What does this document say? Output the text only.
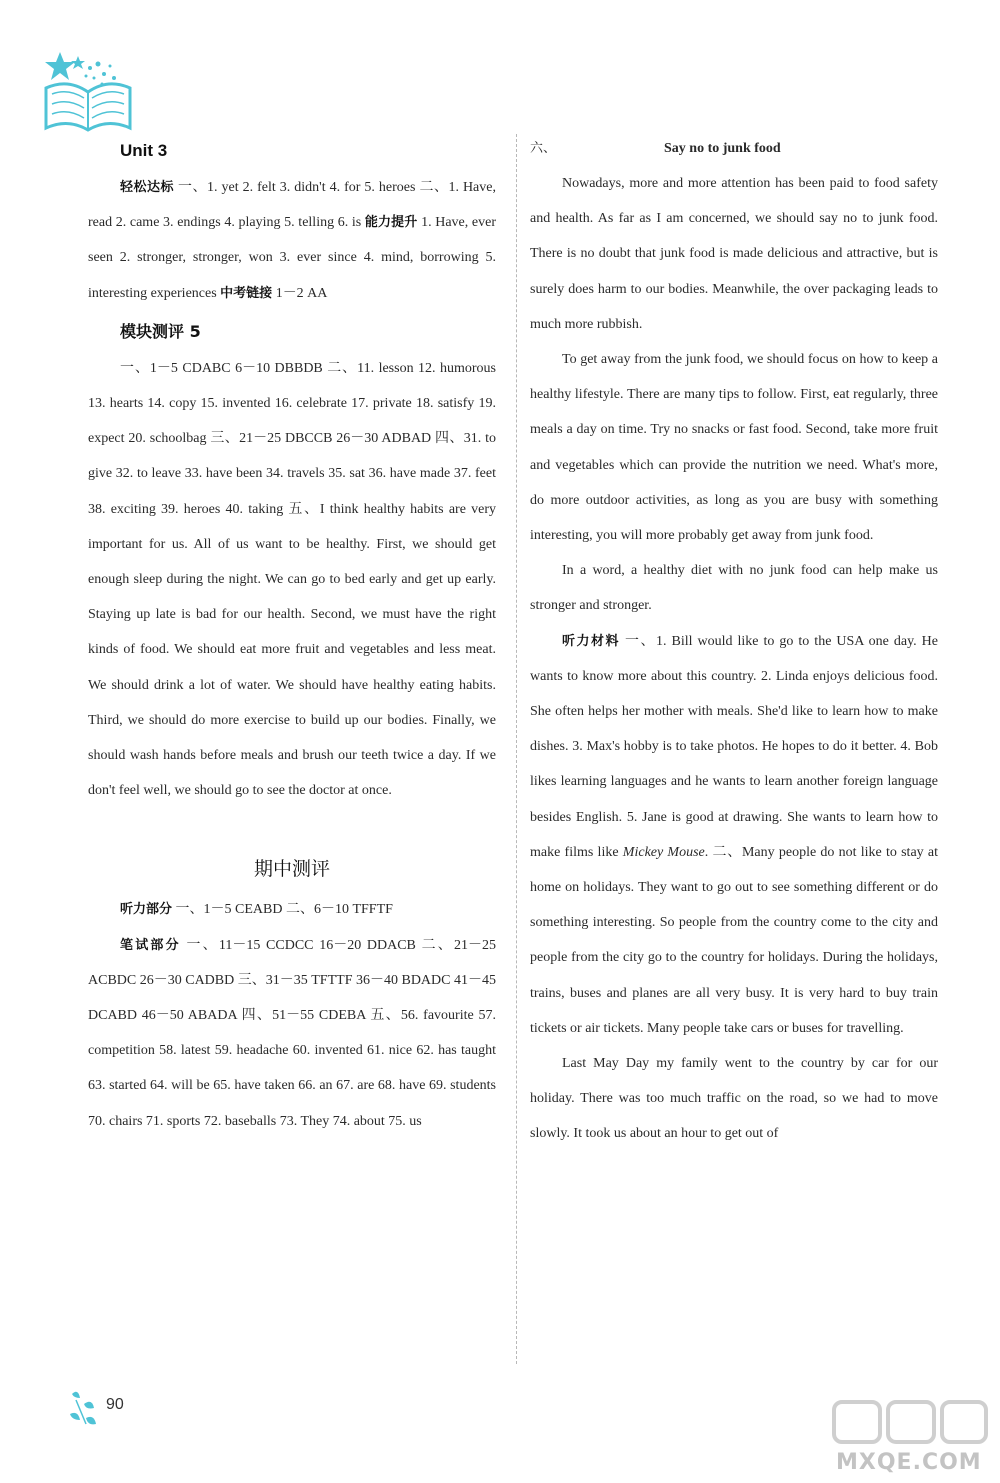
Unit 3

轻松达标 一、1. yet 2. felt 3. didn't 4. for 5. heroes 二、1. Have, read 2. came 3. endings 4. playing 5. telling 6. is 能力提升 1. Have, ever seen 2. stronger, stronger, won 3. ever since 4. mind, borrowing 5. interesting experiences 中考链接 1－2 AA

模块测评 5

一、1－5 CDABC 6－10 DBBDB 二、11. lesson 12. humorous 13. hearts 14. copy 15. invented 16. celebrate 17. private 18. satisfy 19. expect 20. schoolbag 三、21－25 DBCCB 26－30 ADBAD 四、31. to give 32. to leave 33. have been 34. travels 35. sat 36. have made 37. feet 38. exciting 39. heroes 40. taking 五、I think healthy habits are very important for us. All of us want to be healthy. First, we should get enough sleep during the night. We can go to bed early and get up early. Staying up late is bad for our health. Second, we must have the right kinds of food. We should eat more fruit and vegetables and less meat. We should drink a lot of water. We should have healthy eating habits. Third, we should do more exercise to build up our bodies. Finally, we should wash hands before meals and brush our teeth twice a day. If we don't feel well, we should go to see the doctor at once.

期中测评

听力部分 一、1－5 CEABD 二、6－10 TFFTF

笔试部分 一、11－15 CCDCC 16－20 DDACB 二、21－25 ACBDC 26－30 CADBD 三、31－35 TFTTF 36－40 BDADC 41－45 DCABD 46－50 ABADA 四、51－55 CDEBA 五、56. favourite 57. competition 58. latest 59. headache 60. invented 61. nice 62. has taught 63. started 64. will be 65. have taken 66. an 67. are 68. have 69. students 70. chairs 71. sports 72. baseballs 73. They 74. about 75. us

六、	Say no to junk food

Nowadays, more and more attention has been paid to food safety and health. As far as I am concerned, we should say no to junk food. There is no doubt that junk food is made delicious and attractive, but is surely does harm to our bodies. Meanwhile, the over packaging leads to much more rubbish.

To get away from the junk food, we should focus on how to keep a healthy lifestyle. There are many tips to follow. First, eat regularly, three meals a day on time. Try no snacks or fast food. Second, take more fruit and vegetables which can provide the nutrition we need. What's more, do more outdoor activities, as long as you are busy with something interesting, you will more probably get away from junk food.

In a word, a healthy diet with no junk food can help make us stronger and stronger.

听力材料 一、1. Bill would like to go to the USA one day. He wants to know more about this country. 2. Linda enjoys delicious food. She often helps her mother with meals. She'd like to learn how to make dishes. 3. Max's hobby is to take photos. He hopes to do it better. 4. Bob likes learning languages and he wants to learn another foreign language besides English. 5. Jane is good at drawing. She wants to learn how to make films like Mickey Mouse. 二、Many people do not like to stay at home on holidays. They want to go out to see something different or do something interesting. So people from the country come to the city and people from the city go to the country for holidays. During the holidays, trains, buses and planes are all very busy. It is very hard to buy train tickets or air tickets. Many people take cars or buses for travelling.

Last May Day my family went to the country by car for our holiday. There was too much traffic on the road, so we had to move slowly. It took us about an hour to get out of

90
MXQE.COM
